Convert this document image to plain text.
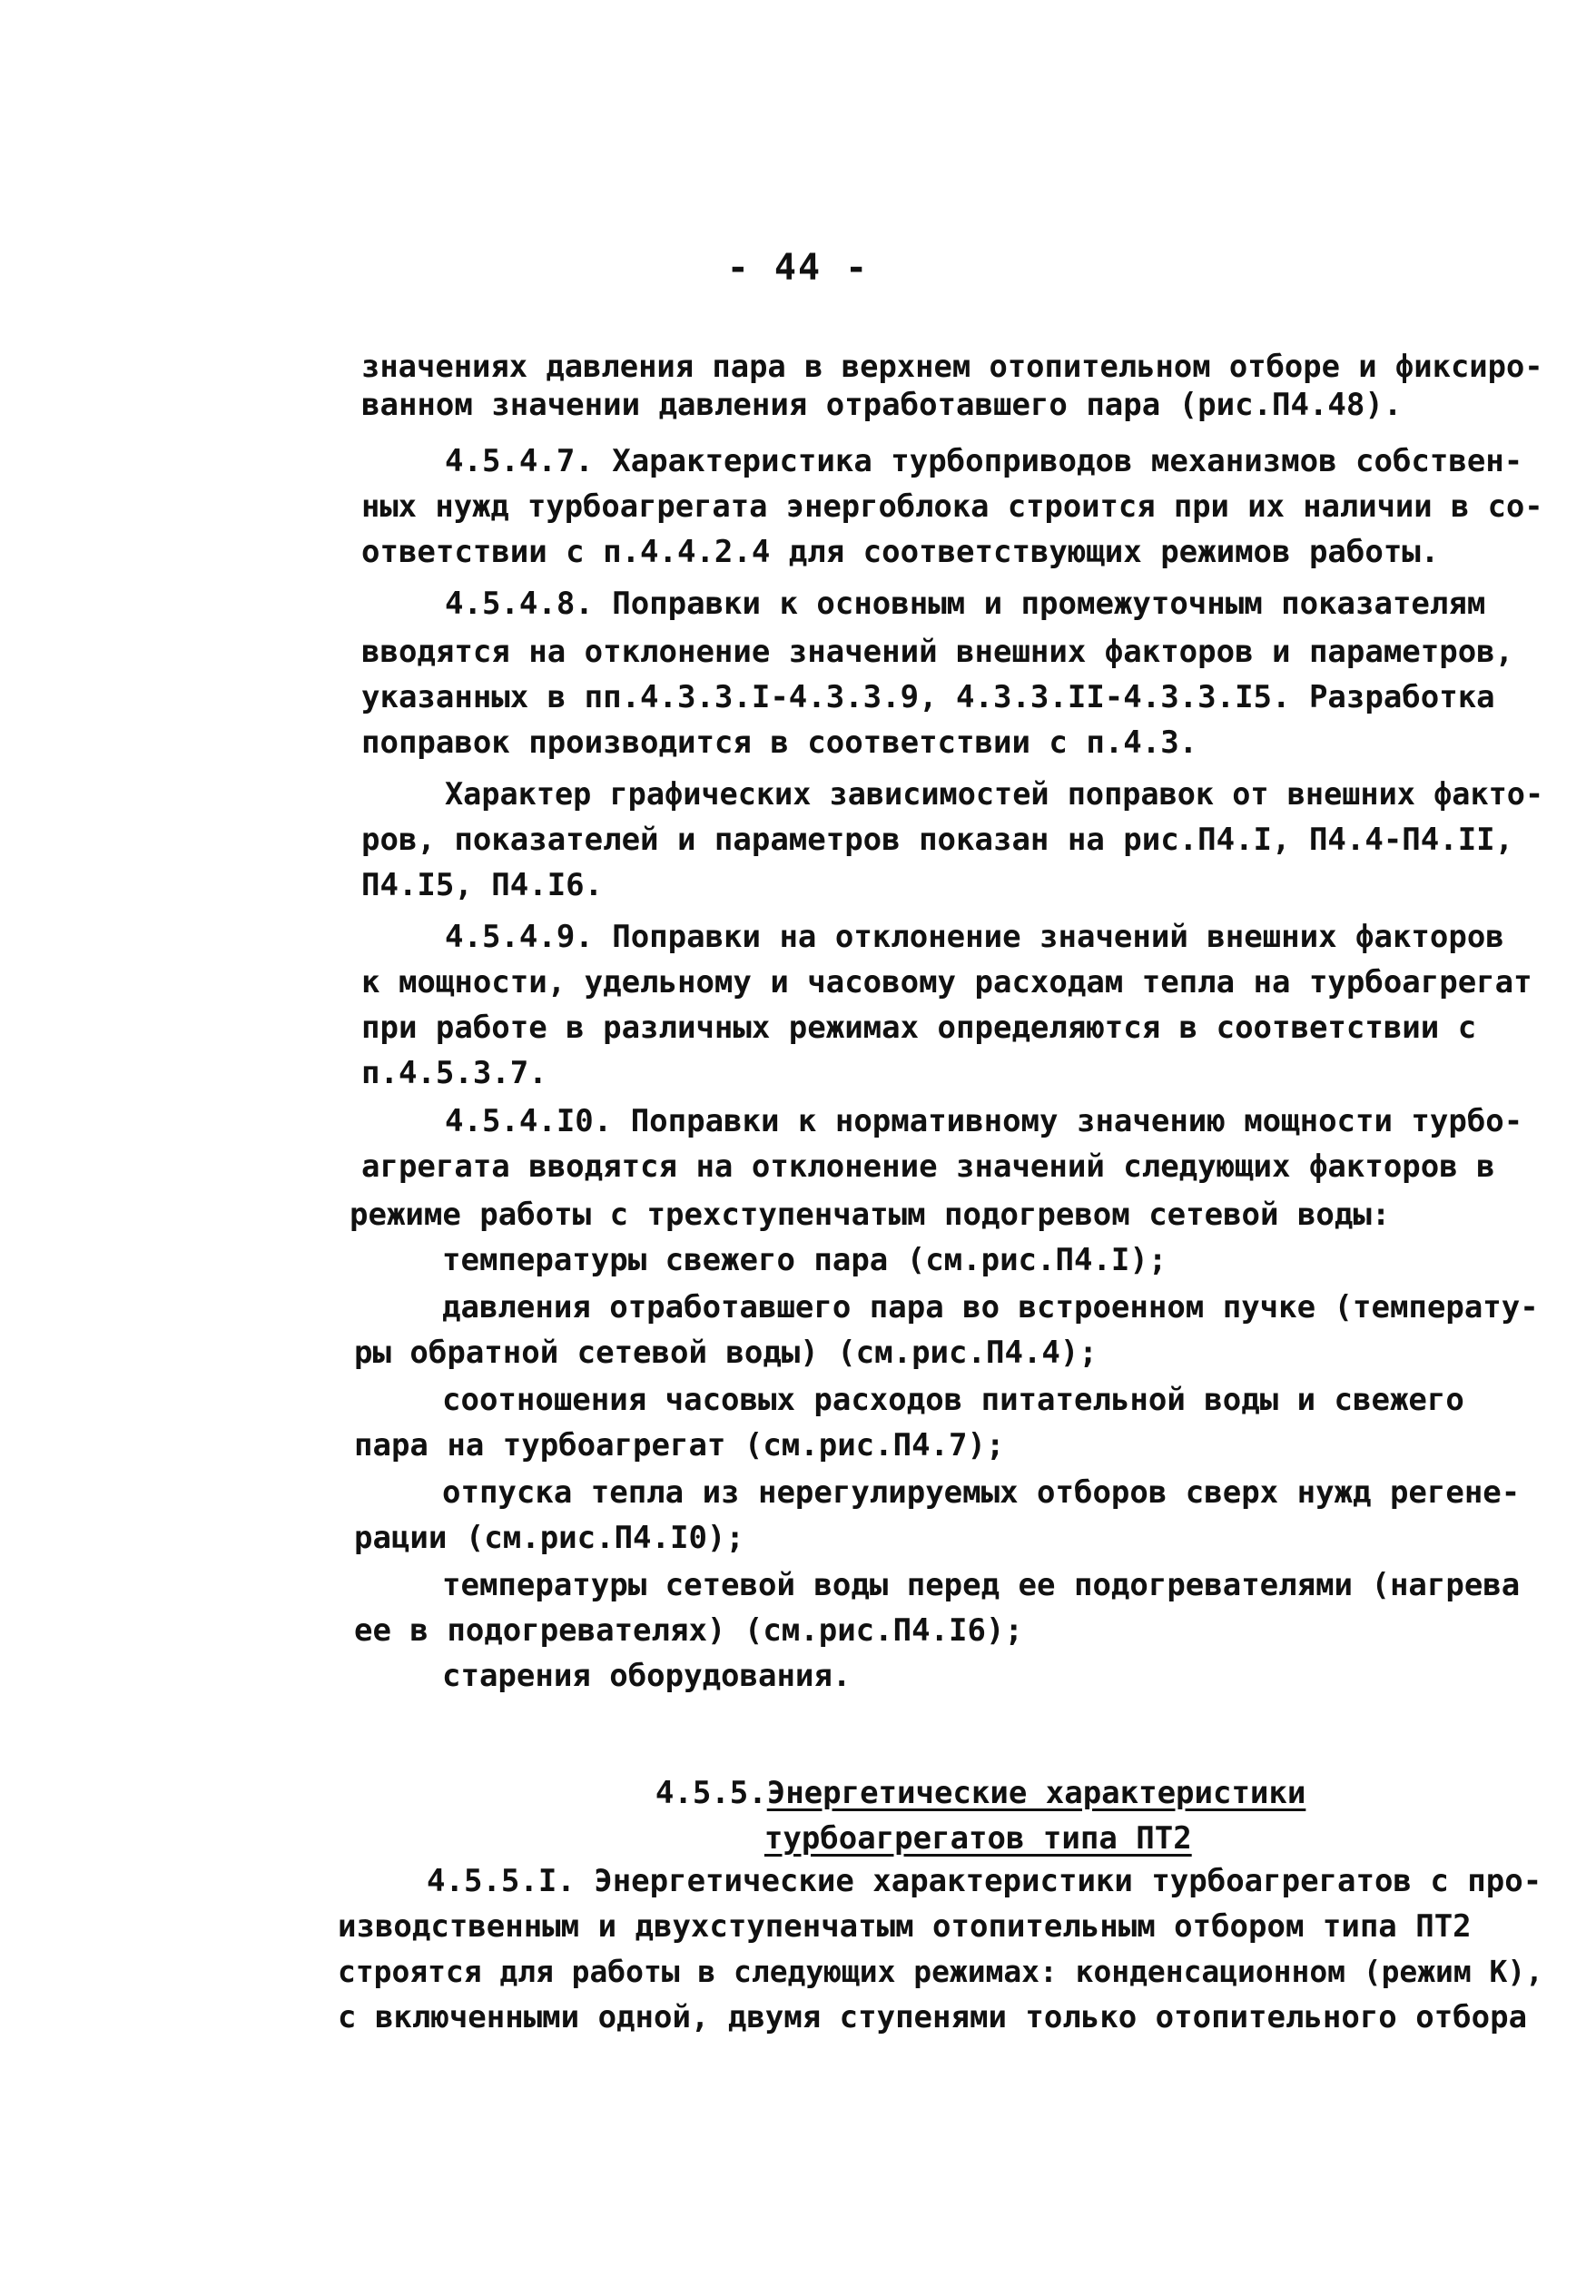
- 44 -
значениях давления пара в верхнем отопительном отборе и фиксиро-
ванном значении давления отработавшего пара (рис.П4.48).
4.5.4.7. Характеристика турбоприводов механизмов собствен-
ных нужд турбоагрегата энергоблока строится при их наличии в со-
ответствии с п.4.4.2.4 для соответствующих режимов работы.
4.5.4.8. Поправки к основным и промежуточным показателям
вводятся на отклонение значений внешних факторов и параметров,
указанных в пп.4.3.3.I-4.3.3.9, 4.3.3.II-4.3.3.I5. Разработка
поправок производится в соответствии с п.4.3.
Характер графических зависимостей поправок от внешних факто-
ров, показателей и параметров показан на рис.П4.I, П4.4-П4.II,
П4.I5, П4.I6.
4.5.4.9. Поправки на отклонение значений внешних факторов
к мощности, удельному и часовому расходам тепла на турбоагрегат
при работе в различных режимах определяются в соответствии с
п.4.5.3.7.
4.5.4.I0. Поправки к нормативному значению мощности турбо-
агрегата вводятся на отклонение значений следующих факторов в
режиме работы с трехступенчатым подогревом сетевой воды:
температуры свежего пара (см.рис.П4.I);
давления отработавшего пара во встроенном пучке (температу-
ры обратной сетевой воды) (см.рис.П4.4);
соотношения часовых расходов питательной воды и свежего
пара на турбоагрегат (см.рис.П4.7);
отпуска тепла из нерегулируемых отборов сверх нужд регене-
рации (см.рис.П4.I0);
температуры сетевой воды перед ее подогревателями (нагрева
ее в подогревателях) (см.рис.П4.I6);
старения оборудования.

4.5.5.Энергетические характеристики

турбоагрегатов типа ПТ2

4.5.5.I. Энергетические характеристики турбоагрегатов с про-
изводственным и двухступенчатым отопительным отбором типа ПТ2
строятся для работы в следующих режимах: конденсационном (режим К),
с включенными одной, двумя ступенями только отопительного отбора
